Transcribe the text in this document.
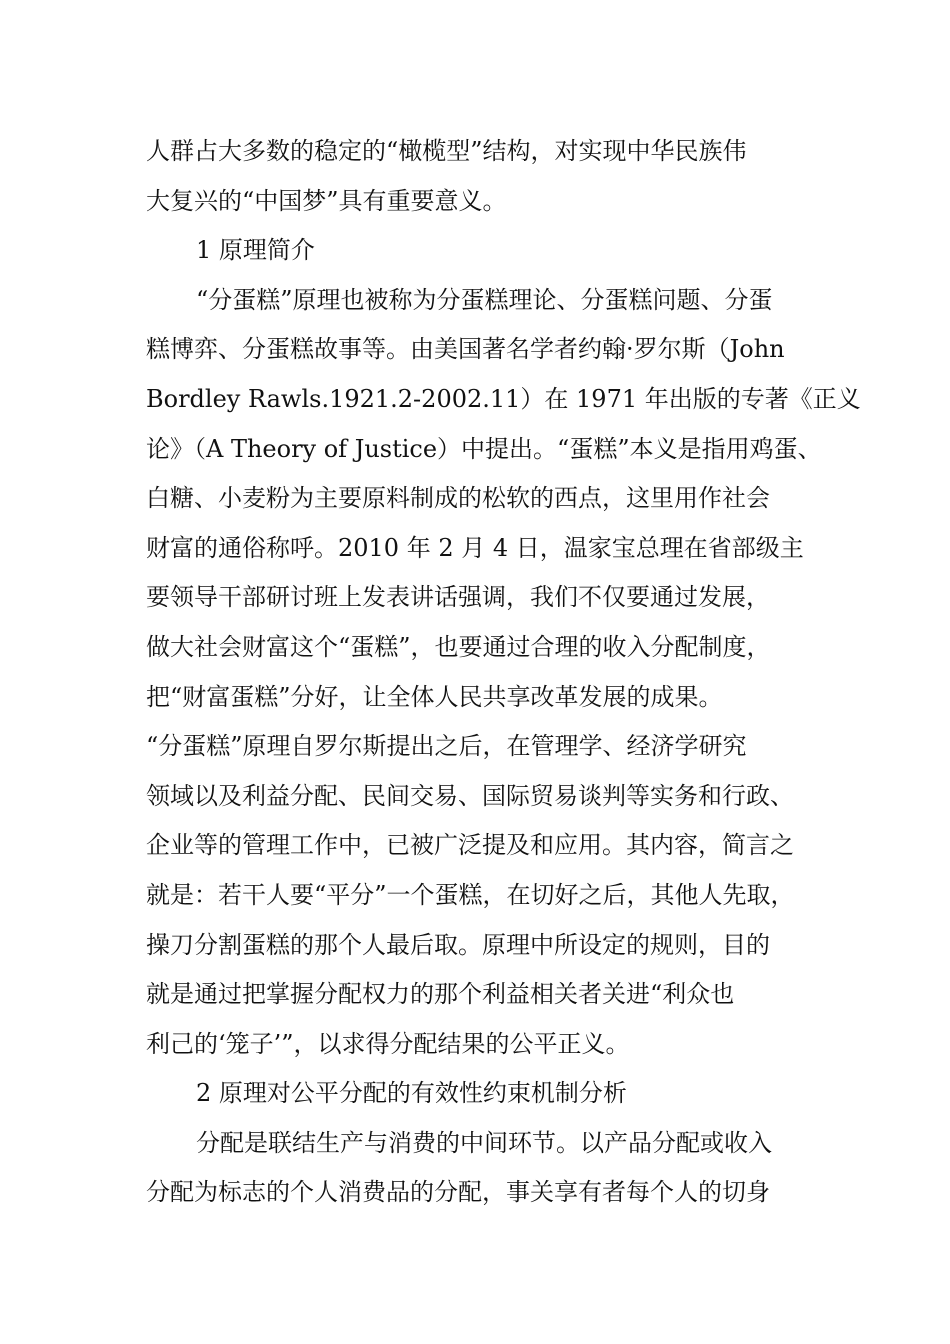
人群占大多数的稳定的“橄榄型”结构，对实现中华民族伟
大复兴的“中国梦”具有重要意义。
1 原理简介
“分蛋糕”原理也被称为分蛋糕理论、分蛋糕问题、分蛋
糕博弈、分蛋糕故事等。由美国著名学者约翰·罗尔斯（John
Bordley Rawls.1921.2-2002.11）在 1971 年出版的专著《正义
论》（A Theory of Justice）中提出。“蛋糕”本义是指用鸡蛋、
白糖、小麦粉为主要原料制成的松软的西点，这里用作社会
财富的通俗称呼。2010 年 2 月 4 日，温家宝总理在省部级主
要领导干部研讨班上发表讲话强调，我们不仅要通过发展，
做大社会财富这个“蛋糕”，也要通过合理的收入分配制度，
把“财富蛋糕”分好，让全体人民共享改革发展的成果。
“分蛋糕”原理自罗尔斯提出之后，在管理学、经济学研究
领域以及利益分配、民间交易、国际贸易谈判等实务和行政、
企业等的管理工作中，已被广泛提及和应用。其内容，简言之
就是：若干人要“平分”一个蛋糕，在切好之后，其他人先取，
操刀分割蛋糕的那个人最后取。原理中所设定的规则，目的
就是通过把掌握分配权力的那个利益相关者关进“利众也
利己的‘笼子’”，以求得分配结果的公平正义。
2 原理对公平分配的有效性约束机制分析
分配是联结生产与消费的中间环节。以产品分配或收入
分配为标志的个人消费品的分配，事关享有者每个人的切身
